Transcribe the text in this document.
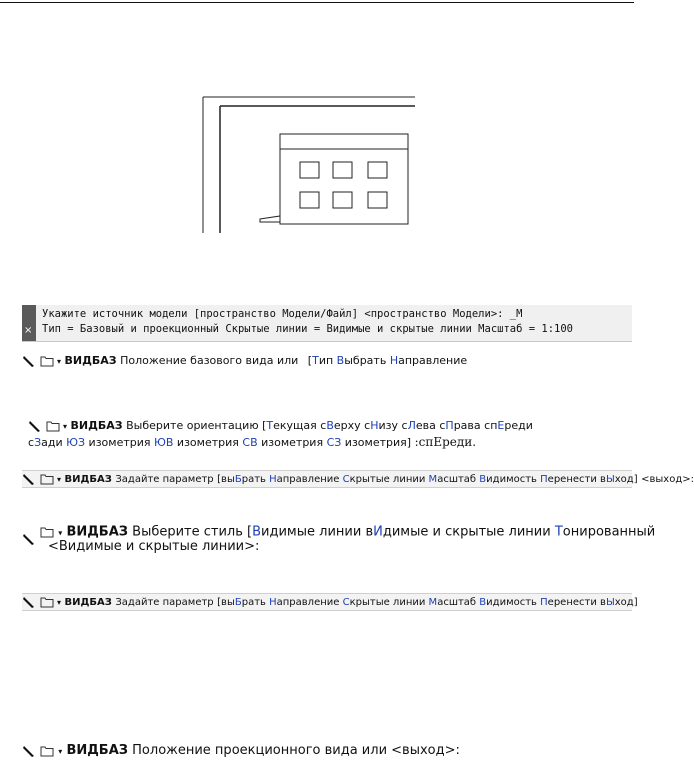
×
Укажите источник модели [пространство Модели/Файл] <пространство Модели>: _M
Тип = Базовый и проекционный Скрытые линии = Видимые и скрытые линии Масштаб = 1:100
▾ ВИДБАЗ Положение базового вида или [Тип Выбрать Направление
▾ ВИДБАЗ Выберите ориентацию [Текущая сВерху сНизу сЛева сПрава спЕреди
сЗади ЮЗ изометрия ЮВ изометрия СВ изометрия СЗ изометрия] :спЕреди.
▾ ВИДБАЗ Задайте параметр [выБрать Направление Скрытые линии Масштаб Видимость Перенести вЫход] <выход>:
▾ ВИДБАЗ Выберите стиль [Видимые линии вИдимые и скрытые линии Тонированный
<Видимые и скрытые линии>:
▾ ВИДБАЗ Задайте параметр [выБрать Направление Скрытые линии Масштаб Видимость Перенести вЫход]
▾ ВИДБАЗ Положение проекционного вида или <выход>:
